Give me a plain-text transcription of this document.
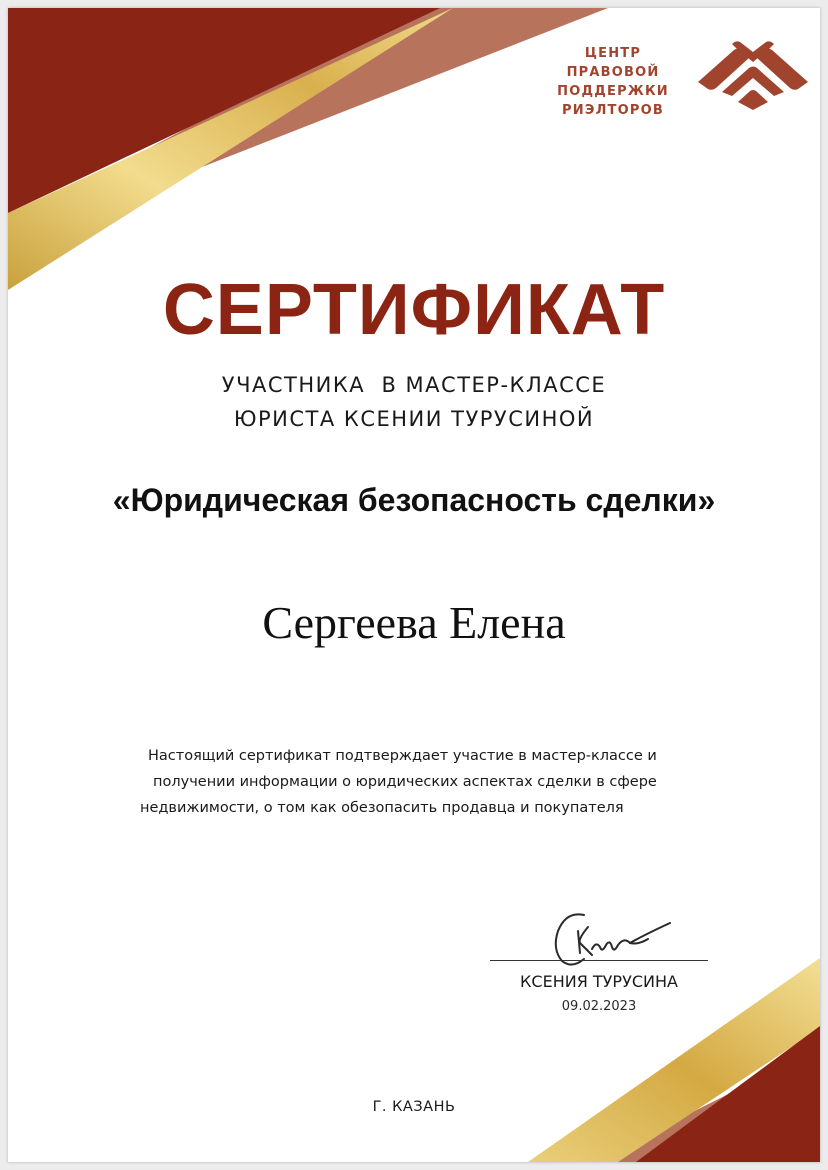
ЦЕНТР ПРАВОВОЙ
ПОДДЕРЖКИ
РИЭЛТОРОВ
СЕРТИФИКАТ
УЧАСТНИКА  В МАСТЕР-КЛАССЕ
ЮРИСТА КСЕНИИ ТУРУСИНОЙ
«Юридическая безопасность сделки»
Сергеева Елена
Настоящий сертификат подтверждает участие в мастер-классе и
получении информации о юридических аспектах сделки в сфере
недвижимости, о том как обезопасить продавца и покупателя
КСЕНИЯ ТУРУСИНА
09.02.2023
Г. КАЗАНЬ
